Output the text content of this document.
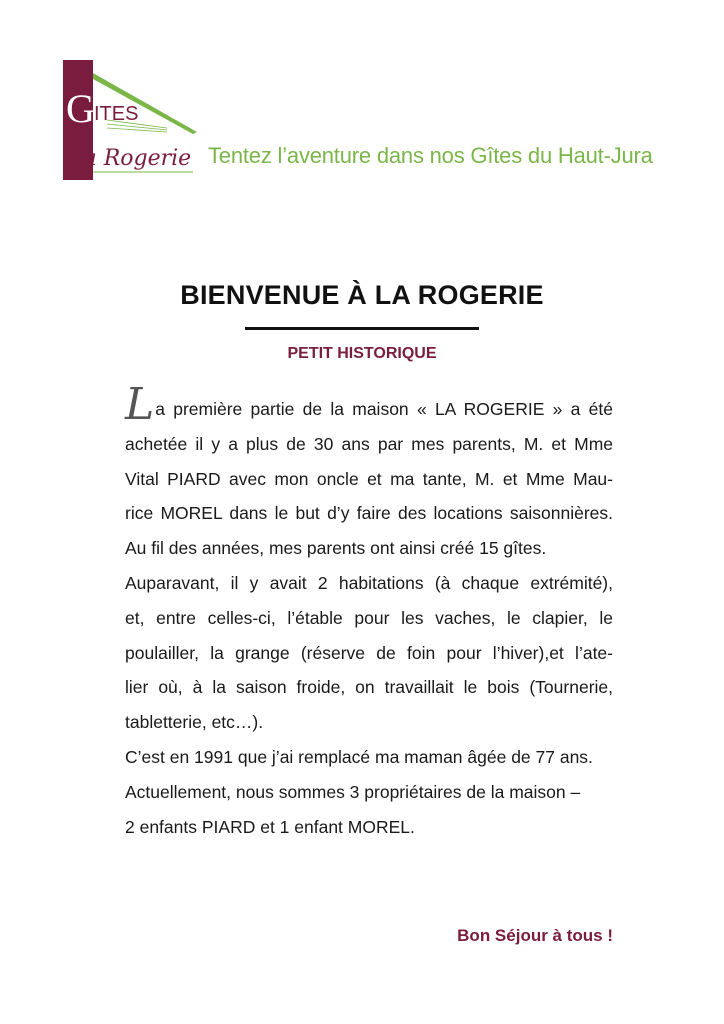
G ITES
La Rogerie Tentez l’aventure dans nos Gîtes du Haut-Jura
BIENVENUE À LA ROGERIE
PETIT HISTORIQUE
La première partie de la maison « LA ROGERIE » a été
achetée il y a plus de 30 ans par mes parents, M. et Mme
Vital PIARD avec mon oncle et ma tante, M. et Mme Mau-
rice MOREL dans le but d’y faire des locations saisonnières.
Au fil des années, mes parents ont ainsi créé 15 gîtes.
Auparavant, il y avait 2 habitations (à chaque extrémité),
et, entre celles-ci, l’étable pour les vaches, le clapier, le
poulailler, la grange (réserve de foin pour l’hiver),et l’ate-
lier où, à la saison froide, on travaillait le bois (Tournerie,
tabletterie, etc…).
C’est en 1991 que j’ai remplacé ma maman âgée de 77 ans.
Actuellement, nous sommes 3 propriétaires de la maison –
2 enfants PIARD et 1 enfant MOREL.
Bon Séjour à tous !
